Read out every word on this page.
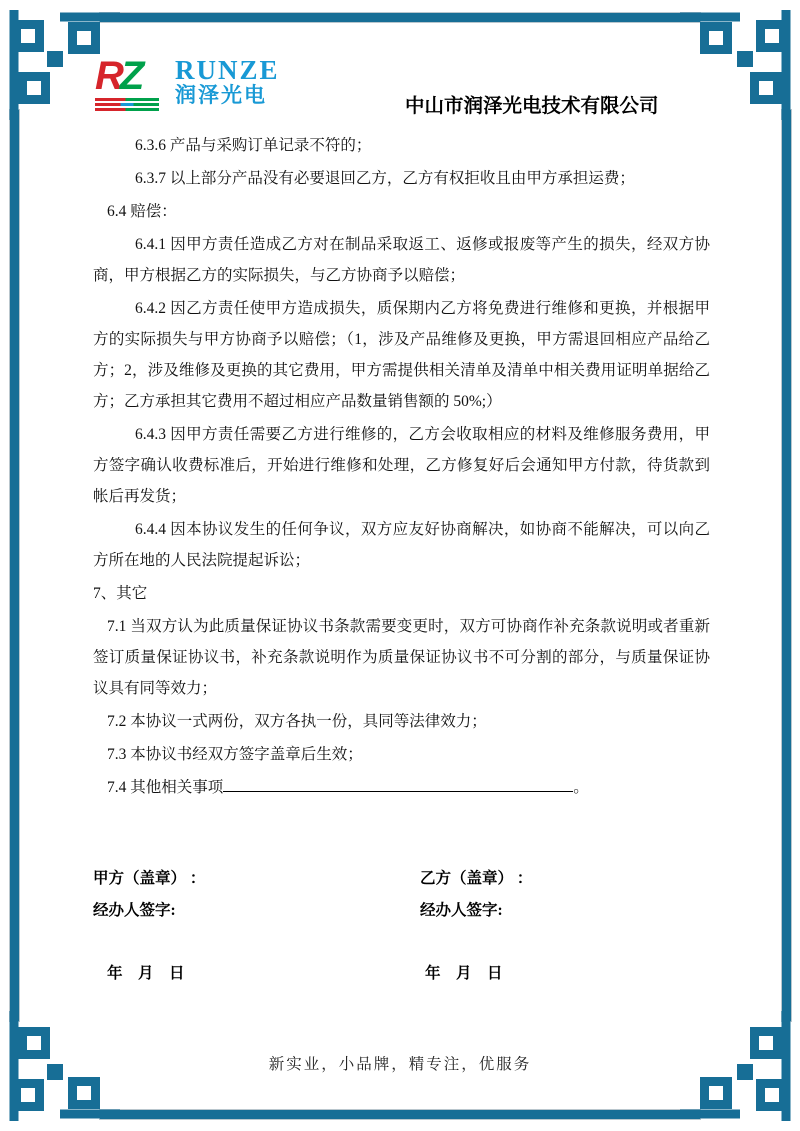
RZ	RUNZE
润泽光电	中山市润泽光电技术有限公司

6.3.6 产品与采购订单记录不符的；

6.3.7 以上部分产品没有必要退回乙方，乙方有权拒收且由甲方承担运费；

6.4 赔偿：

6.4.1 因甲方责任造成乙方对在制品采取返工、返修或报废等产生的损失，经双方协商，甲方根据乙方的实际损失，与乙方协商予以赔偿；

6.4.2 因乙方责任使甲方造成损失，质保期内乙方将免费进行维修和更换，并根据甲方的实际损失与甲方协商予以赔偿；（1，涉及产品维修及更换，甲方需退回相应产品给乙方；2，涉及维修及更换的其它费用，甲方需提供相关清单及清单中相关费用证明单据给乙方；乙方承担其它费用不超过相应产品数量销售额的 50%;）

6.4.3 因甲方责任需要乙方进行维修的，乙方会收取相应的材料及维修服务费用，甲方签字确认收费标准后，开始进行维修和处理，乙方修复好后会通知甲方付款，待货款到帐后再发货；

6.4.4 因本协议发生的任何争议，双方应友好协商解决，如协商不能解决，可以向乙方所在地的人民法院提起诉讼；

7、其它

7.1 当双方认为此质量保证协议书条款需要变更时，双方可协商作补充条款说明或者重新签订质量保证协议书，补充条款说明作为质量保证协议书不可分割的部分，与质量保证协议具有同等效力；

7.2 本协议一式两份，双方各执一份，具同等法律效力；

7.3 本协议书经双方签字盖章后生效；

7.4 其他相关事项	。

甲方（盖章） ：	乙方（盖章） ：
经办人签字:	经办人签字:
年　月　日	年　月　日
新实业，小品牌，精专注，优服务
